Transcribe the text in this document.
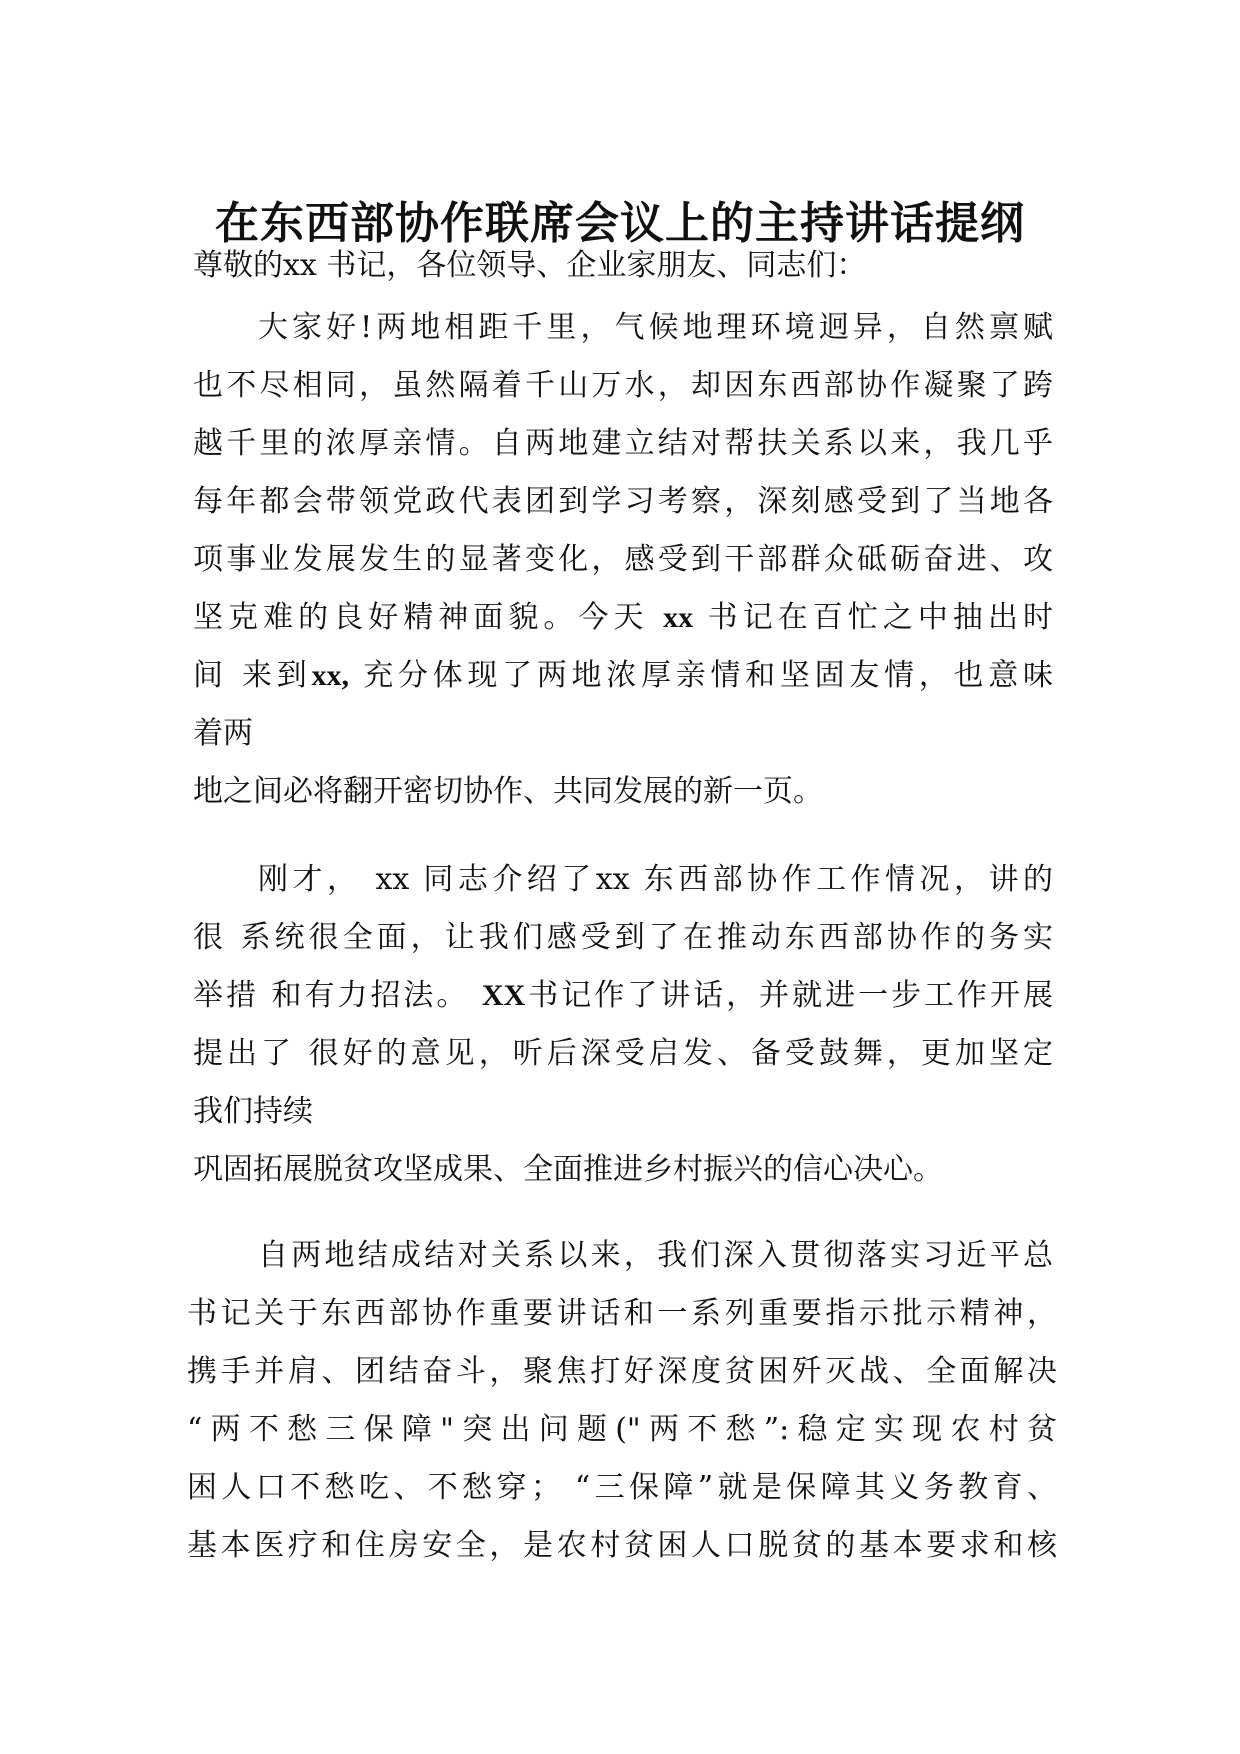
在东西部协作联席会议上的主持讲话提纲

尊敬的xx 书记，各位领导、企业家朋友、同志们：

大家好!两地相距千里，气候地理环境迥异，自然禀赋

也不尽相同，虽然隔着千山万水，却因东西部协作凝聚了跨

越千里的浓厚亲情。自两地建立结对帮扶关系以来，我几乎

每年都会带领党政代表团到学习考察，深刻感受到了当地各

项事业发展发生的显著变化，感受到干部群众砥砺奋进、攻

坚克难的良好精神面貌。今天 xx 书记在百忙之中抽出时

间 来到xx, 充分体现了两地浓厚亲情和坚固友情，也意味

着两

地之间必将翻开密切协作、共同发展的新一页。

刚才， xx 同志介绍了xx 东西部协作工作情况，讲的

很 系统很全面，让我们感受到了在推动东西部协作的务实

举措 和有力招法。 XX书记作了讲话，并就进一步工作开展

提出了 很好的意见，听后深受启发、备受鼓舞，更加坚定

我们持续

巩固拓展脱贫攻坚成果、全面推进乡村振兴的信心决心。

自两地结成结对关系以来，我们深入贯彻落实习近平总

书记关于东西部协作重要讲话和一系列重要指示批示精神，

携手并肩、团结奋斗，聚焦打好深度贫困歼灭战、全面解决

“两不愁三保障"突出问题("两不愁”:稳定实现农村贫

困人口不愁吃、不愁穿； “三保障”就是保障其义务教育、

基本医疗和住房安全，是农村贫困人口脱贫的基本要求和核
